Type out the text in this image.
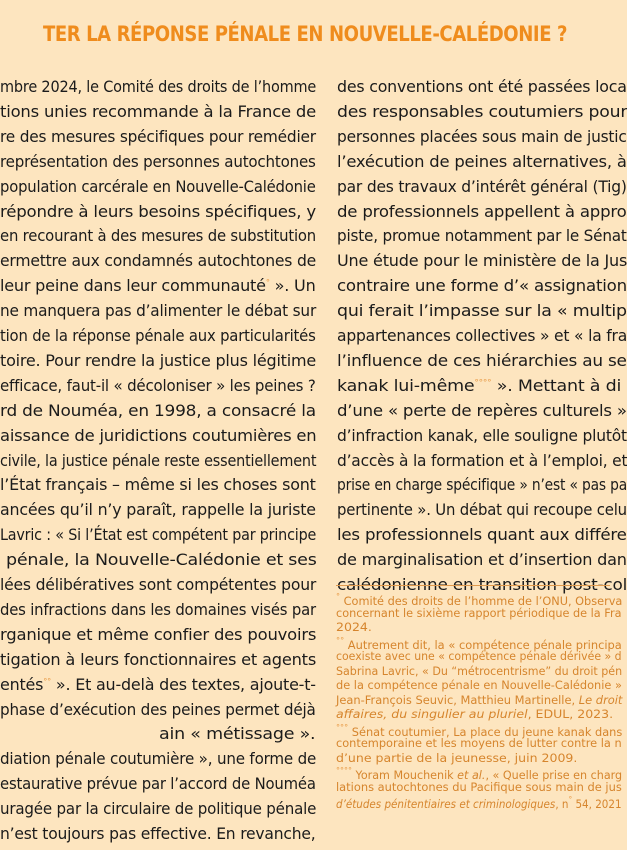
TER LA RÉPONSE PÉNALE EN NOUVELLE-CALÉDONIE ?
mbre 2024, le Comité des droits de l’homme
tions unies recommande à la France de
re des mesures spécifiques pour remédier
représentation des personnes autochtones
population carcérale en Nouvelle-Calédonie
répondre à leurs besoins spécifiques, y
en recourant à des mesures de substitution
ermettre aux condamnés autochtones de
leur peine dans leur communauté° ». Un
ne manquera pas d’alimenter le débat sur
tion de la réponse pénale aux particularités
toire. Pour rendre la justice plus légitime
efficace, faut-il « décoloniser » les peines ?
rd de Nouméa, en 1998, a consacré la
aissance de juridictions coutumières en
civile, la justice pénale reste essentiellement
l’État français – même si les choses sont
ancées qu’il n’y paraît, rappelle la juriste
Lavric : « Si l’État est compétent par principe
pénale, la Nouvelle-Calédonie et ses
lées délibératives sont compétentes pour
des infractions dans les domaines visés par
rganique et même confier des pouvoirs
tigation à leurs fonctionnaires et agents
entés°° ». Et au-delà des textes, ajoute-t-
phase d’exécution des peines permet déjà
ain « métissage ».
diation pénale coutumière », une forme de
estaurative prévue par l’accord de Nouméa
uragée par la circulaire de politique pénale
n’est toujours pas effective. En revanche,
des conventions ont été passées loca
des responsables coutumiers pour
personnes placées sous main de justic
l’exécution de peines alternatives, à
par des travaux d’intérêt général (Tig)
de professionnels appellent à appro
piste, promue notamment par le Sénat
Une étude pour le ministère de la Jus
contraire une forme d’« assignation
qui ferait l’impasse sur la « multip
appartenances collectives » et « la fra
l’influence de ces hiérarchies au se
kanak lui-même°°°° ». Mettant à di
d’une « perte de repères culturels »
d’infraction kanak, elle souligne plutôt
d’accès à la formation et à l’emploi, et
prise en charge spécifique » n’est « pas pa
pertinente ». Un débat qui recoupe celu
les professionnels quant aux différe
de marginalisation et d’insertion dan
calédonienne en transition post-col
° Comité des droits de l’homme de l’ONU, Observa
concernant le sixième rapport périodique de la Fra
2024.
°° Autrement dit, la « compétence pénale principa
coexiste avec une « compétence pénale dérivée » d
Sabrina Lavric, « Du “métrocentrisme” du droit pén
de la compétence pénale en Nouvelle-Calédonie »
Jean-François Seuvic, Matthieu Martinelle, Le droit
affaires, du singulier au pluriel, EDUL, 2023.
°°° Sénat coutumier, La place du jeune kanak dans
contemporaine et les moyens de lutter contre la n
d’une partie de la jeunesse, juin 2009.
°°°° Yoram Mouchenik et al., « Quelle prise en charg
lations autochtones du Pacifique sous main de jus
d’études pénitentiaires et criminologiques, n° 54, 2021
